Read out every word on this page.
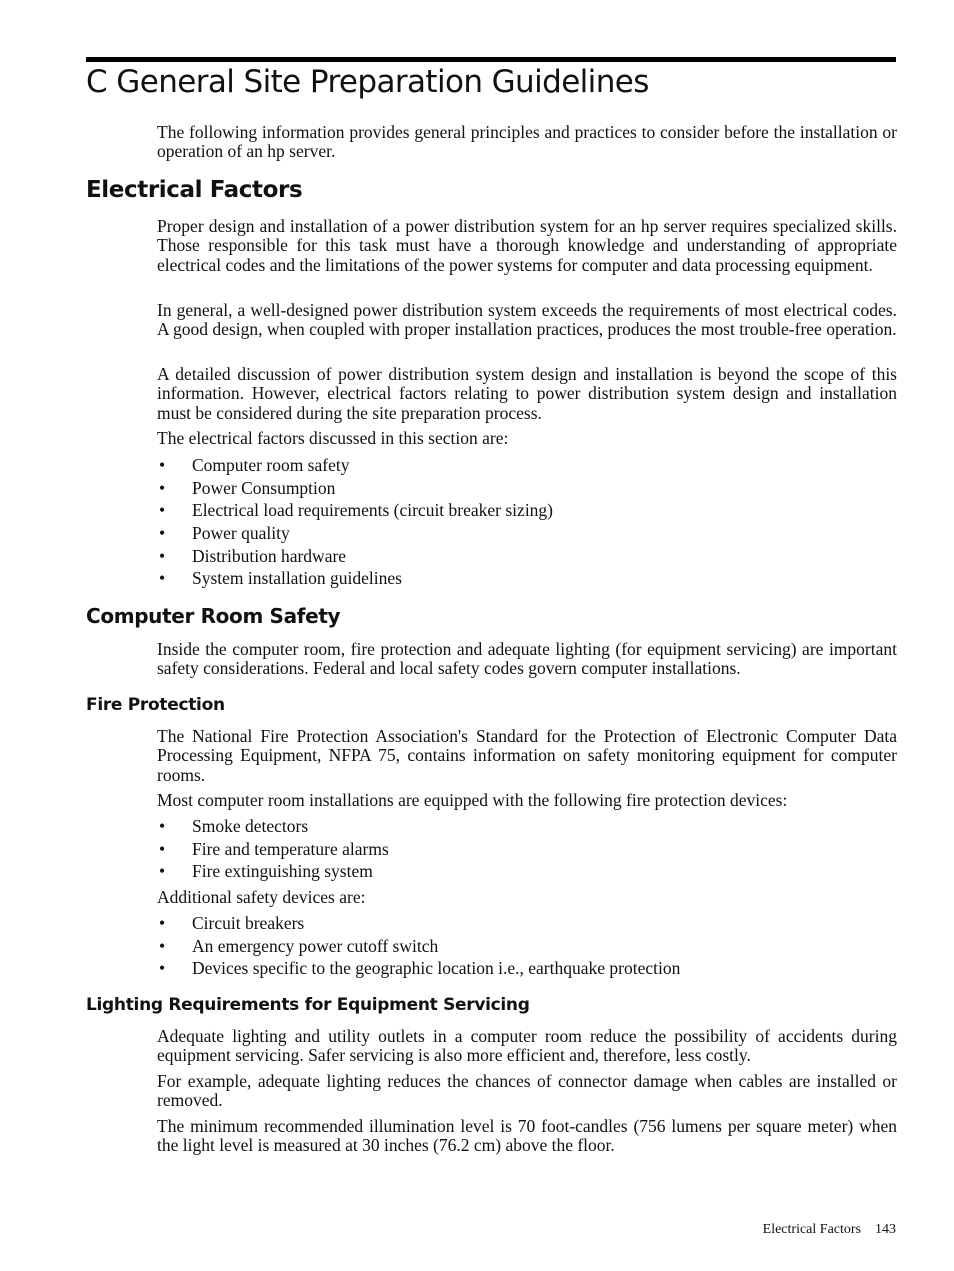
C General Site Preparation Guidelines

The following information provides general principles and practices to consider before the installation or operation of an hp server.

Electrical Factors

Proper design and installation of a power distribution system for an hp server requires specialized skills. Those responsible for this task must have a thorough knowledge and understanding of appropriate electrical codes and the limitations of the power systems for computer and data processing equipment.

In general, a well-designed power distribution system exceeds the requirements of most electrical codes. A good design, when coupled with proper installation practices, produces the most trouble-free operation.

A detailed discussion of power distribution system design and installation is beyond the scope of this information. However, electrical factors relating to power distribution system design and installation must be considered during the site preparation process.

The electrical factors discussed in this section are:

• Computer room safety
• Power Consumption
• Electrical load requirements (circuit breaker sizing)
• Power quality
• Distribution hardware
• System installation guidelines
Computer Room Safety

Inside the computer room, fire protection and adequate lighting (for equipment servicing) are important safety considerations. Federal and local safety codes govern computer installations.

Fire Protection

The National Fire Protection Association's Standard for the Protection of Electronic Computer Data Processing Equipment, NFPA 75, contains information on safety monitoring equipment for computer rooms.

Most computer room installations are equipped with the following fire protection devices:

• Smoke detectors
• Fire and temperature alarms
• Fire extinguishing system

Additional safety devices are:

• Circuit breakers
• An emergency power cutoff switch
• Devices specific to the geographic location i.e., earthquake protection
Lighting Requirements for Equipment Servicing

Adequate lighting and utility outlets in a computer room reduce the possibility of accidents during equipment servicing. Safer servicing is also more efficient and, therefore, less costly.

For example, adequate lighting reduces the chances of connector damage when cables are installed or removed.

The minimum recommended illumination level is 70 foot-candles (756 lumens per square meter) when the light level is measured at 30 inches (76.2 cm) above the floor.

Electrical Factors 143
